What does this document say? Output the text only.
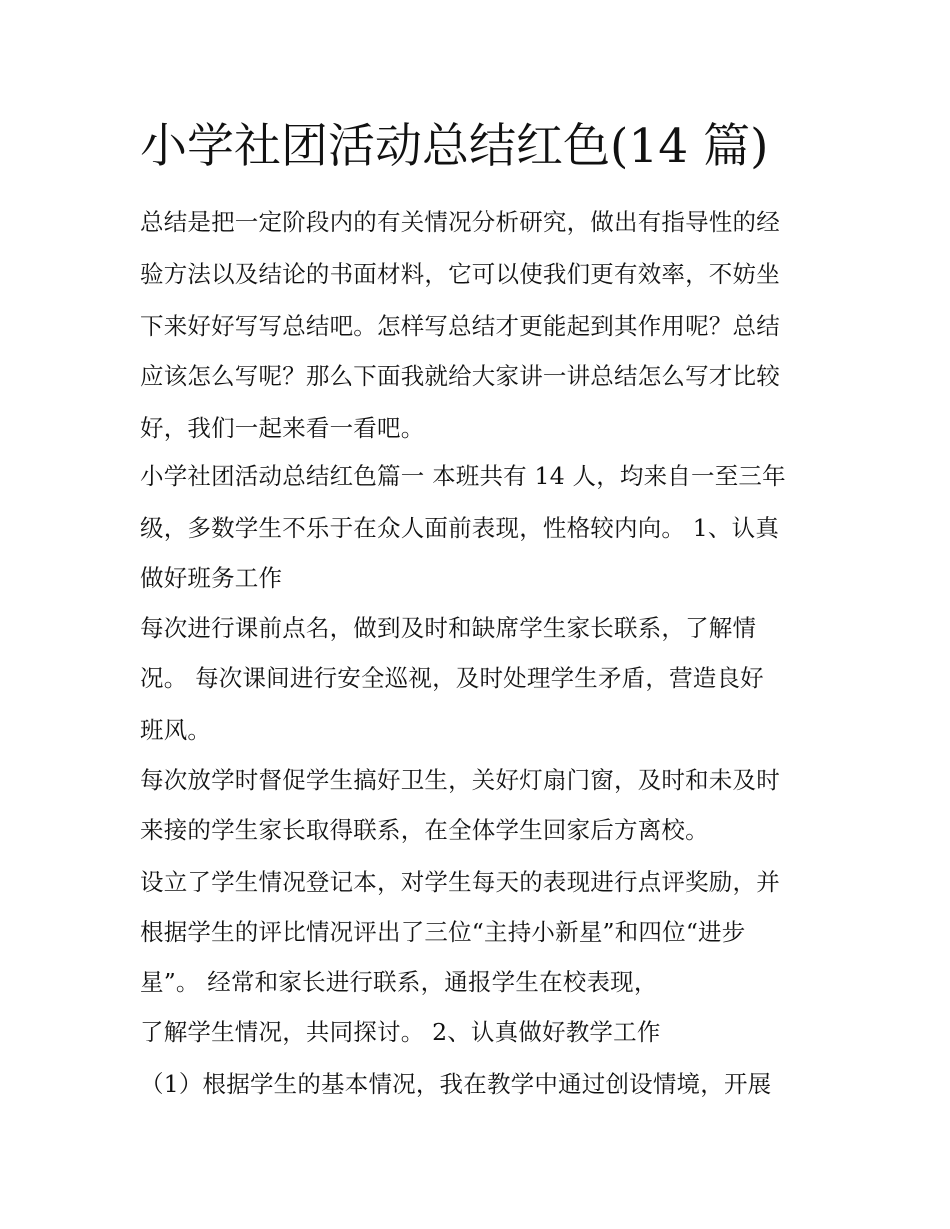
小学社团活动总结红色(14 篇)

总结是把一定阶段内的有关情况分析研究，做出有指导性的经

验方法以及结论的书面材料，它可以使我们更有效率，不妨坐

下来好好写写总结吧。怎样写总结才更能起到其作用呢？总结

应该怎么写呢？那么下面我就给大家讲一讲总结怎么写才比较

好，我们一起来看一看吧。

小学社团活动总结红色篇一 本班共有 14 人，均来自一至三年

级，多数学生不乐于在众人面前表现，性格较内向。 1、认真

做好班务工作

每次进行课前点名，做到及时和缺席学生家长联系，了解情

况。 每次课间进行安全巡视，及时处理学生矛盾，营造良好

班风。

每次放学时督促学生搞好卫生，关好灯扇门窗，及时和未及时

来接的学生家长取得联系，在全体学生回家后方离校。

设立了学生情况登记本，对学生每天的表现进行点评奖励，并

根据学生的评比情况评出了三位“主持小新星”和四位“进步

星”。 经常和家长进行联系，通报学生在校表现，

了解学生情况，共同探讨。 2、认真做好教学工作

（1）根据学生的基本情况，我在教学中通过创设情境，开展
